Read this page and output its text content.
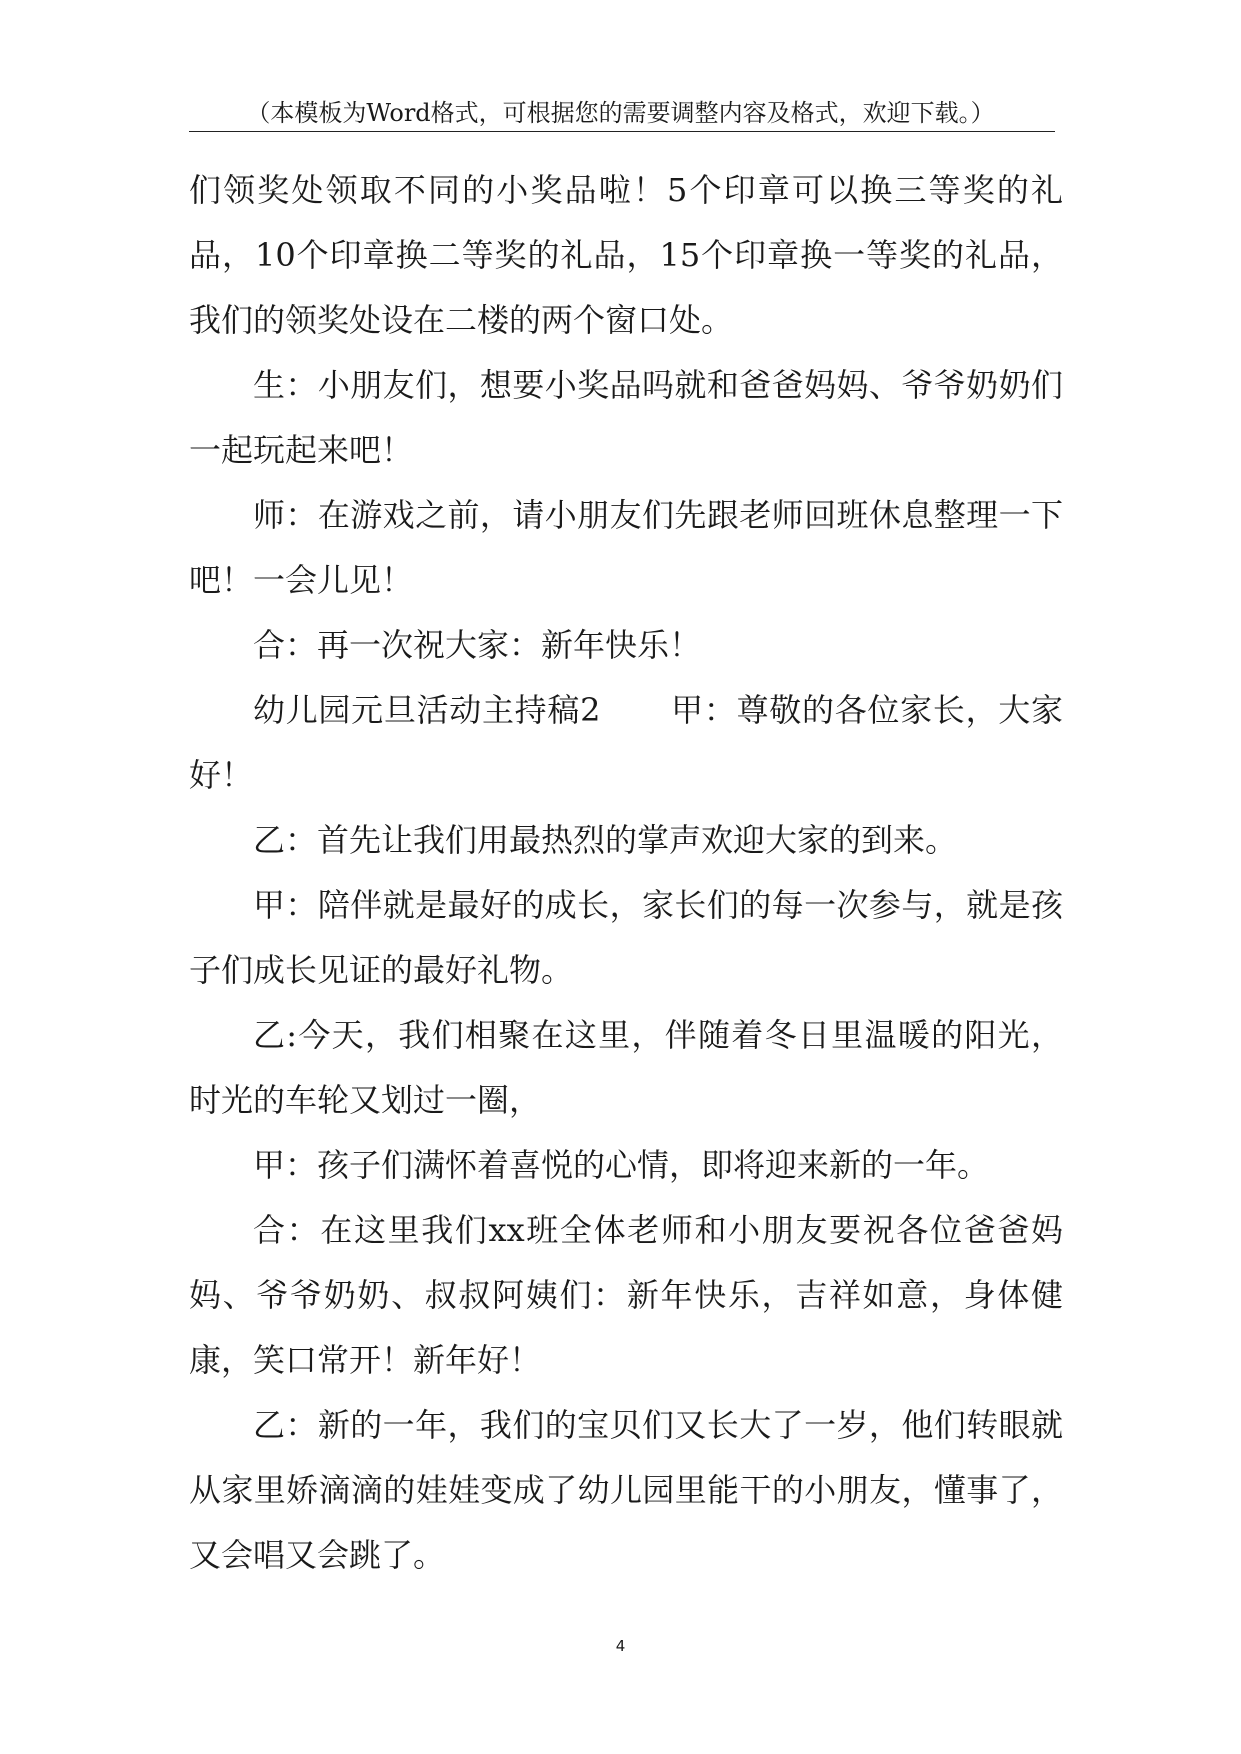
（本模板为Word格式，可根据您的需要调整内容及格式，欢迎下载。）

们领奖处领取不同的小奖品啦！5个印章可以换三等奖的礼品，10个印章换二等奖的礼品，15个印章换一等奖的礼品，我们的领奖处设在二楼的两个窗口处。

生：小朋友们，想要小奖品吗就和爸爸妈妈、爷爷奶奶们一起玩起来吧！

师：在游戏之前，请小朋友们先跟老师回班休息整理一下吧！一会儿见！

合：再一次祝大家：新年快乐！

幼儿园元旦活动主持稿2 甲：尊敬的各位家长，大家好！

乙：首先让我们用最热烈的掌声欢迎大家的到来。

甲：陪伴就是最好的成长，家长们的每一次参与，就是孩子们成长见证的最好礼物。

乙:今天，我们相聚在这里，伴随着冬日里温暖的阳光，时光的车轮又划过一圈，

甲：孩子们满怀着喜悦的心情，即将迎来新的一年。

合：在这里我们xx班全体老师和小朋友要祝各位爸爸妈妈、爷爷奶奶、叔叔阿姨们：新年快乐，吉祥如意，身体健康，笑口常开！新年好！

乙：新的一年，我们的宝贝们又长大了一岁，他们转眼就从家里娇滴滴的娃娃变成了幼儿园里能干的小朋友，懂事了，又会唱又会跳了。

4
